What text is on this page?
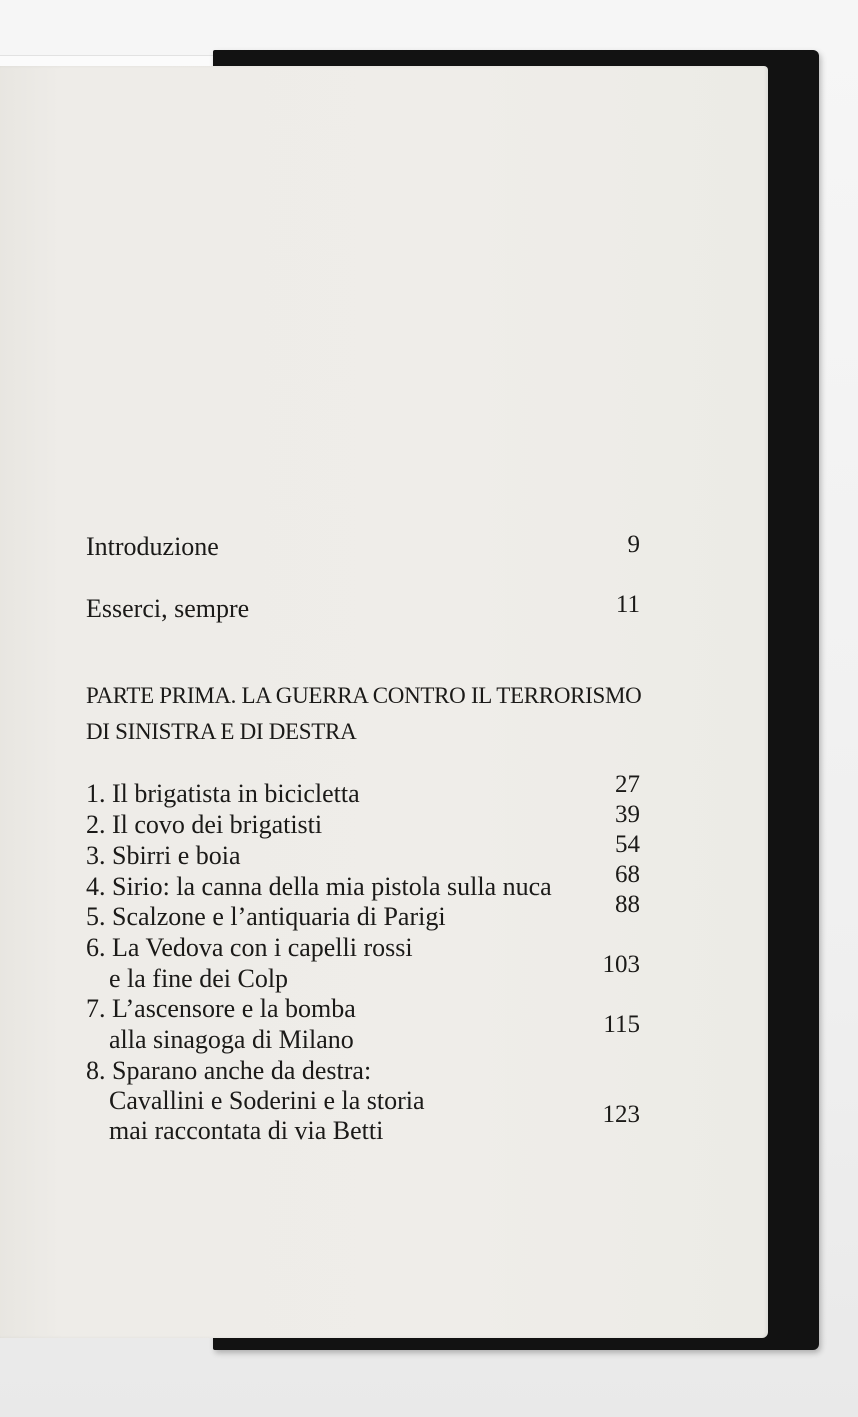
Introduzione	9
Esserci, sempre	11
PARTE PRIMA. LA GUERRA CONTRO IL TERRORISMO
DI SINISTRA E DI DESTRA
1. Il brigatista in bicicletta	27
2. Il covo dei brigatisti	39
3. Sbirri e boia	54
4. Sirio: la canna della mia pistola sulla nuca	68
5. Scalzone e l’antiquaria di Parigi	88
6. La Vedova con i capelli rossi
e la fine dei Colp	103
7. L’ascensore e la bomba
alla sinagoga di Milano
115
8. Sparano anche da destra:
Cavallini e Soderini e la storia
mai raccontata di via Betti
123
